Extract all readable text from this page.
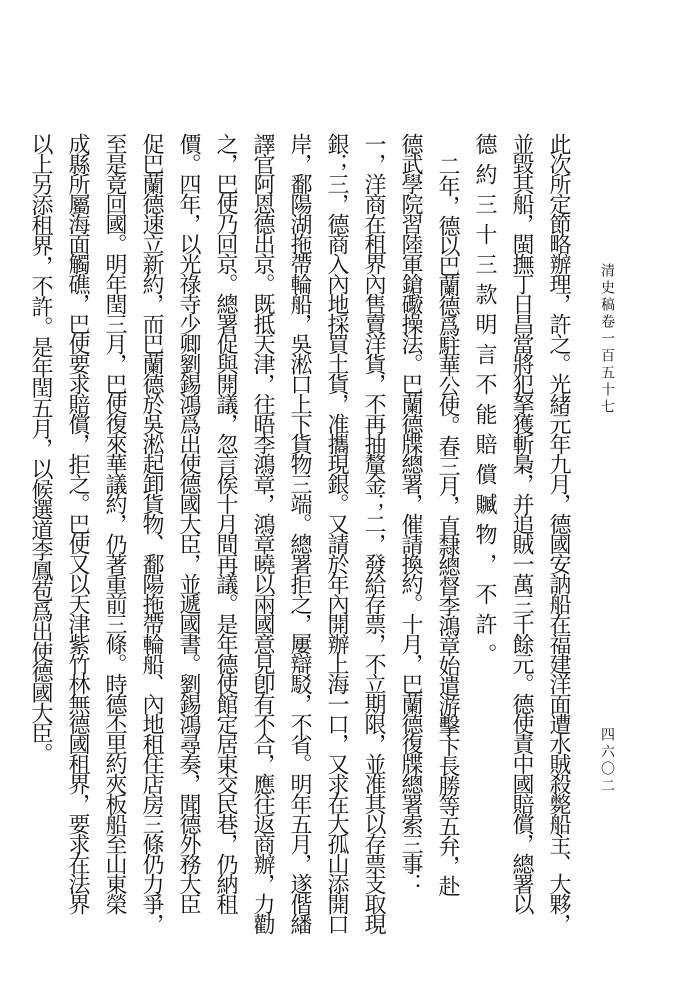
清史稿卷一百五十七
四六〇二
此次所定節略辦理，許之。光緒元年九月，德國安訥船在福建洋面遭水賊殺斃船主、大夥，
並毀其船，閩撫丁日昌當將犯拏獲斬梟，并追賊一萬三千餘元。德使責中國賠償，總署以
德約三十三款明言不能賠償贓物，不許。
二年，德以巴蘭德爲駐華公使。春三月，直隸總督李鴻章始遣游擊卞長勝等五弁，赴
德武學院習陸軍鎗礮操法。巴蘭德牒總署，催請換約。十月，巴蘭德復牒總署索三事：
一，洋商在租界內售賣洋貨，不再抽釐金；二，發給存票，不立期限，並准其以存票支取現
銀；三，德商入內地採買土貨，准攜現銀。又請於年內開辦上海一口，又求在大孤山添開口
岸，鄱陽湖拖帶輪船，吳淞口上下貨物三端。總署拒之，屢辯駁，不省。明年五月，遂偕繙
譯官阿恩德出京。既抵天津，往晤李鴻章，鴻章曉以兩國意見卽有不合，應往返商辦，力勸
之，巴使乃回京。總署促與開議，忽言俟十月間再議。是年德使館定居東交民巷，仍納租
價。四年，以光祿寺少卿劉錫鴻爲出使德國大臣，並遞國書。劉錫鴻尋奏，聞德外務大臣
促巴蘭德速立新約，而巴蘭德於吳淞起卸貨物、鄱陽拖帶輪船、內地租住店房三條仍力爭，
至是竟回國。明年閏三月，巴使復來華議約，仍著重前三條。時德丕里約夾板船至山東榮
成縣所屬海面觸礁，巴使要求賠償，拒之。巴使又以天津紫竹林無德國租界，要求在法界
以上另添租界，不許。是年閏五月，以候選道李鳳苞爲出使德國大臣。
